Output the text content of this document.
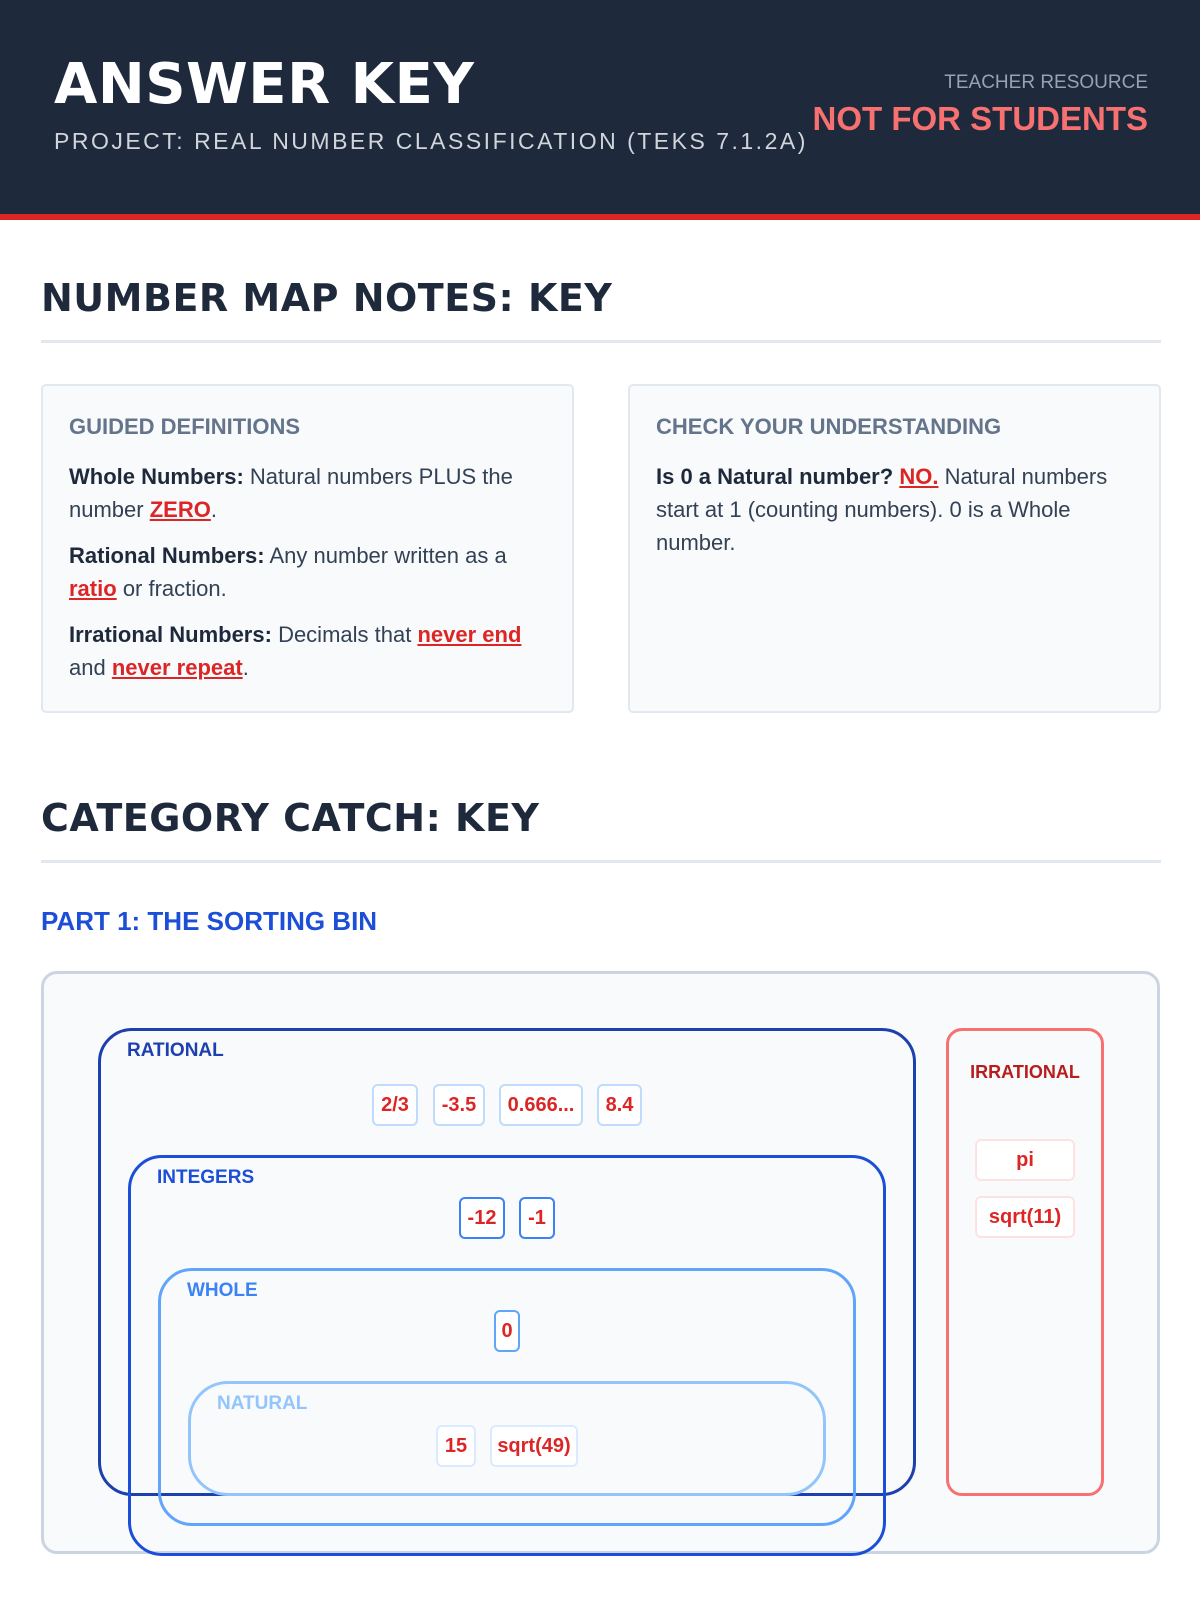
ANSWER KEY
PROJECT: REAL NUMBER CLASSIFICATION (TEKS 7.1.2A)
TEACHER RESOURCE
NOT FOR STUDENTS
NUMBER MAP NOTES: KEY
GUIDED DEFINITIONS
Whole Numbers: Natural numbers PLUS the number ZERO.
Rational Numbers: Any number written as a ratio or fraction.
Irrational Numbers: Decimals that never end and never repeat.
CHECK YOUR UNDERSTANDING
Is 0 a Natural number? NO. Natural numbers start at 1 (counting numbers). 0 is a Whole number.
CATEGORY CATCH: KEY
PART 1: THE SORTING BIN
RATIONAL
2/3	-3.5	0.666...	8.4
INTEGERS
-12	-1
WHOLE
0
NATURAL
15	sqrt(49)
IRRATIONAL
pi
sqrt(11)
